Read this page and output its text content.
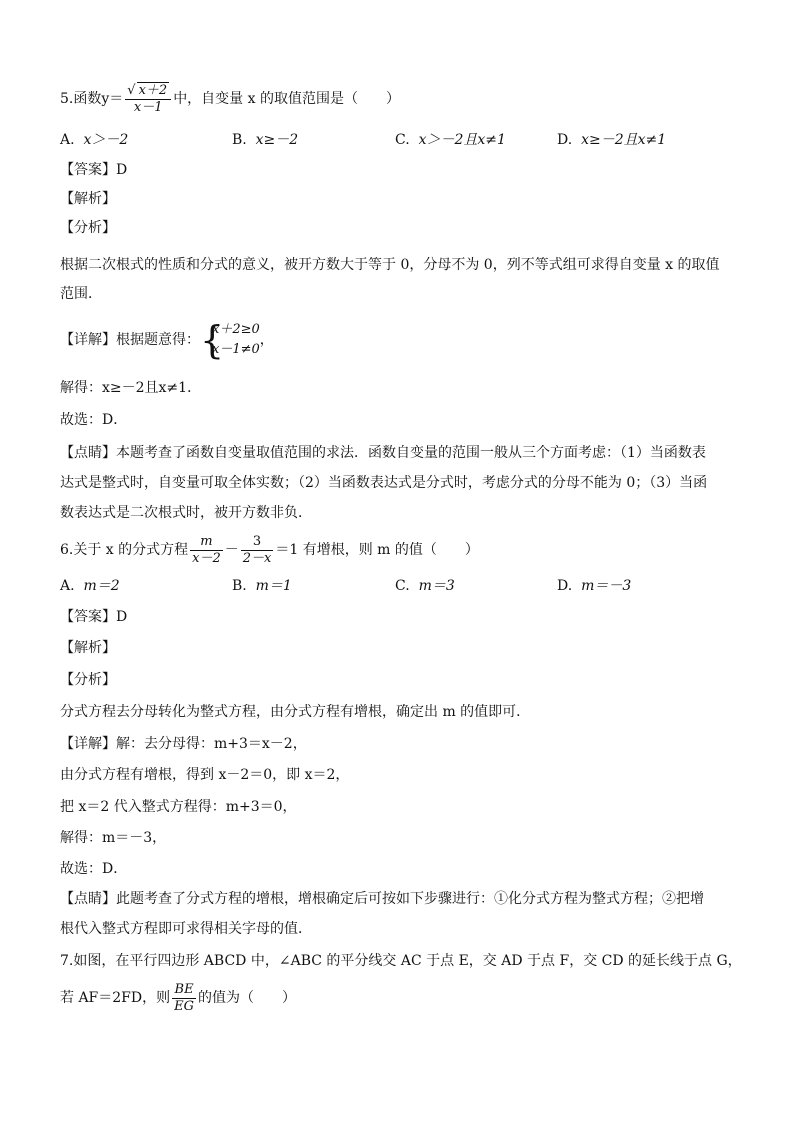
5.函数$y= \frac{√ x+2}{x-1}$ 中，自变量 x 的取值范围是（　　）
A. x＞－2	B. x≥－2	C. x＞－2且x≠1	D. x≥－2且x≠1
【答案】D
【解析】
【分析】
根据二次根式的性质和分式的意义，被开方数大于等于 0，分母不为 0，列不等式组可求得自变量 x 的取值
范围．
【详解】根据题意得： {
x＋2≥0
x－1≠0
，
解得：x≥－2且x≠1．
故选：D．
【点睛】本题考查了函数自变量取值范围的求法．函数自变量的范围一般从三个方面考虑：（1）当函数表
达式是整式时，自变量可取全体实数；（2）当函数表达式是分式时，考虑分式的分母不能为 0；（3）当函
数表达式是二次根式时，被开方数非负．
6.关于 x 的分式方程 $\frac{m}{x-2} - \frac{3}{2-x} =1$ 有增根，则 m 的值（　　）
A. m＝2	B. m＝1	C. m＝3	D. m＝－3
【答案】D
【解析】
【分析】
分式方程去分母转化为整式方程，由分式方程有增根，确定出 m 的值即可．
【详解】解：去分母得：m+3＝x－2，
由分式方程有增根，得到 x－2＝0，即 x＝2，
把 x＝2 代入整式方程得：m+3＝0，
解得：m＝－3，
故选：D．
【点睛】此题考查了分式方程的增根，增根确定后可按如下步骤进行：①化分式方程为整式方程；②把增
根代入整式方程即可求得相关字母的值．
7.如图，在平行四边形 ABCD 中，∠ABC 的平分线交 AC 于点 E，交 AD 于点 F，交 CD 的延长线于点 G，
若 AF＝2FD，则 $\frac{BE}{EG}$ 的值为（　　）
